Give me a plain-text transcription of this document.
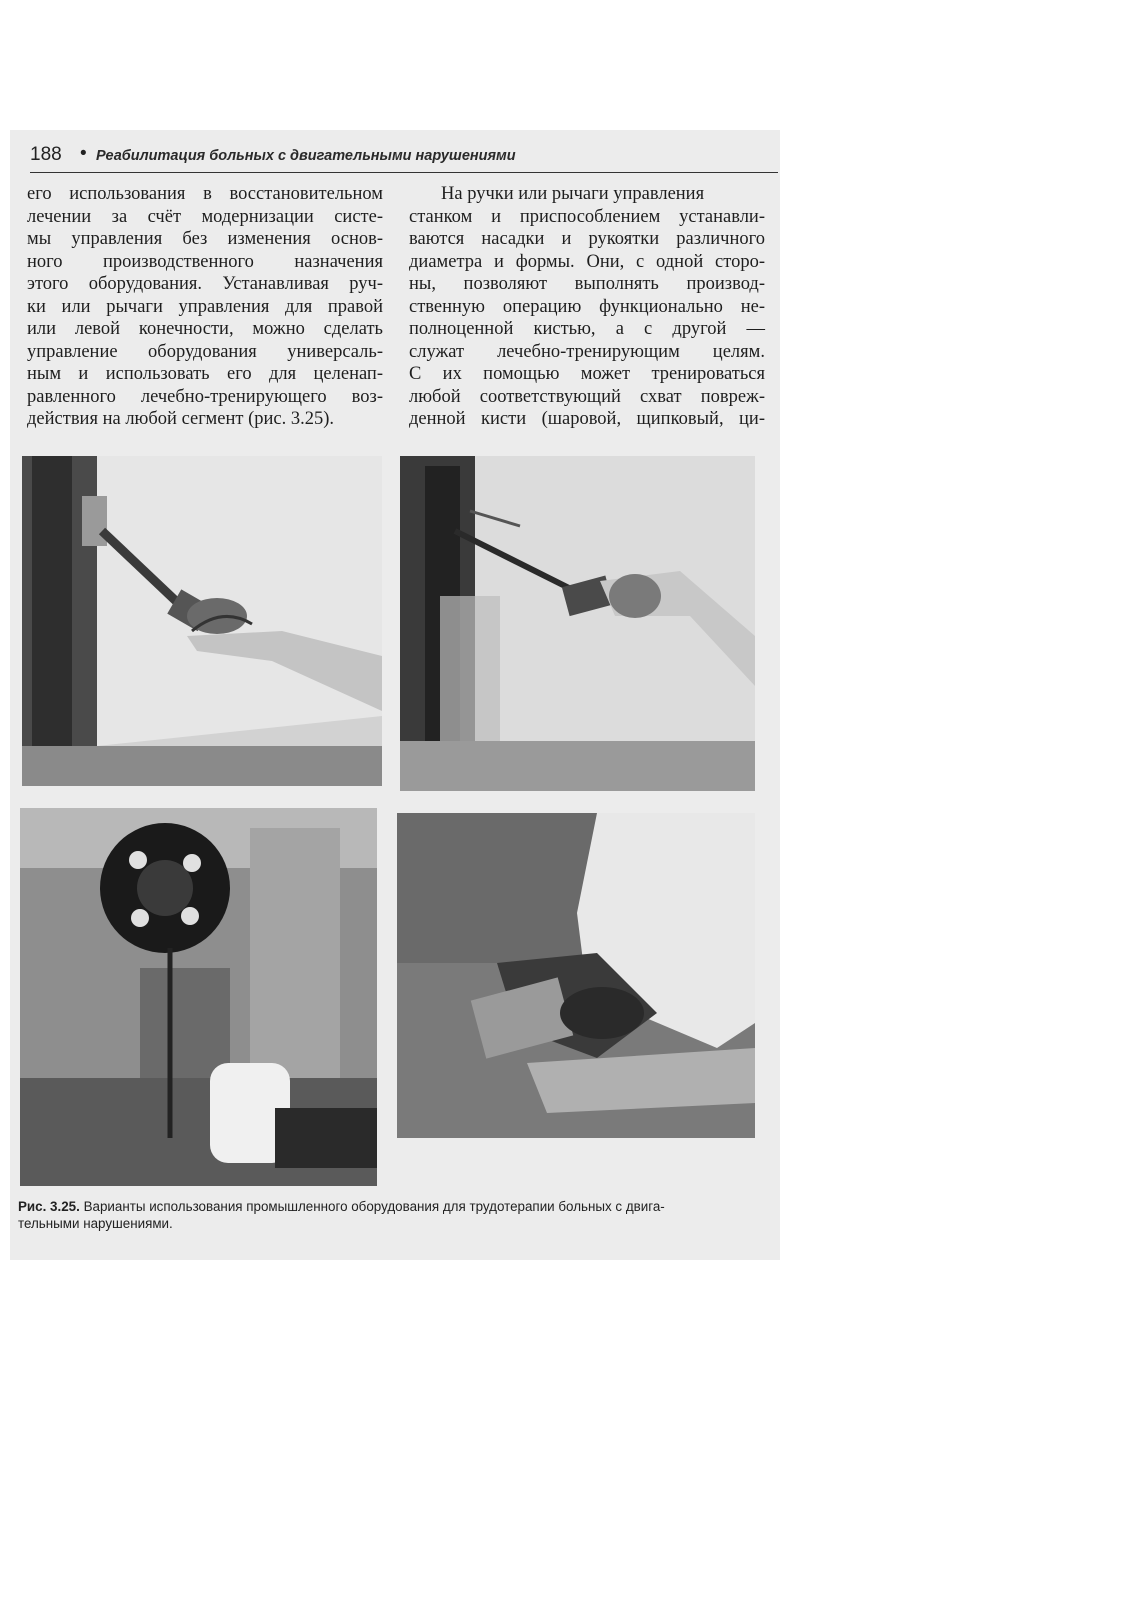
188 • Реабилитация больных с двигательными нарушениями
его использования в восстановительном
лечении за счёт модернизации систе-
мы управления без изменения основ-
ного производственного назначения
этого оборудования. Устанавливая руч-
ки или рычаги управления для правой
или левой конечности, можно сделать
управление оборудования универсаль-
ным и использовать его для целенап-
равленного лечебно-тренирующего воз-
действия на любой сегмент (рис. 3.25).
На ручки или рычаги управления
станком и приспособлением устанавли-
ваются насадки и рукоятки различного
диаметра и формы. Они, с одной сторо-
ны, позволяют выполнять производ-
ственную операцию функционально не-
полноценной кистью, а с другой —
служат лечебно-тренирующим целям.
С их помощью может тренироваться
любой соответствующий схват повреж-
денной кисти (шаровой, щипковый, ци-
Рис. 3.25. Варианты использования промышленного оборудования для трудотерапии больных с двига-
тельными нарушениями.
